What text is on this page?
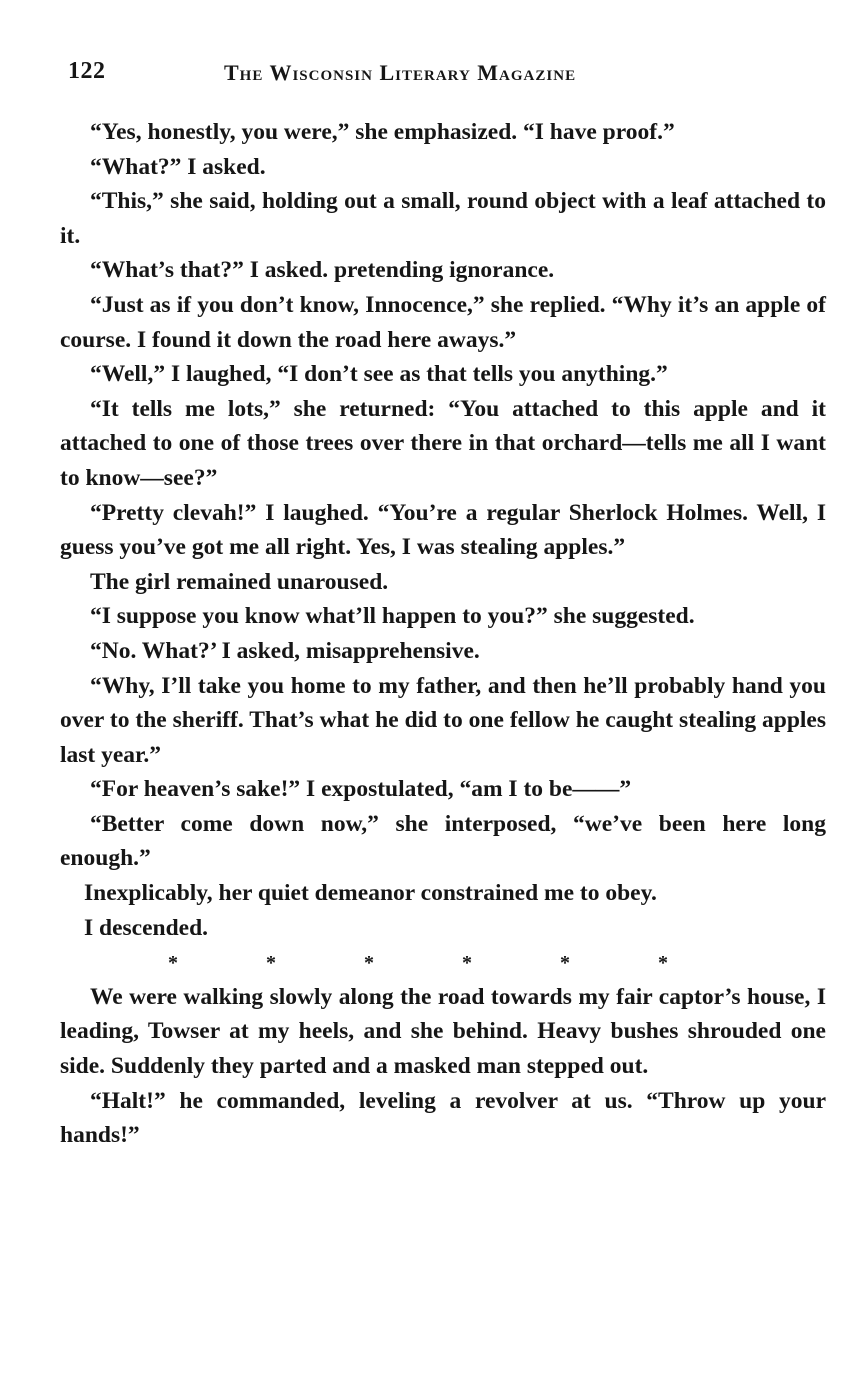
122	The Wisconsin Literary Magazine

“Yes, honestly, you were,” she emphasized. “I have proof.”

“What?” I asked.

“This,” she said, holding out a small, round object with a leaf attached to it.

“What’s that?” I asked. pretending ignorance.

“Just as if you don’t know, Innocence,” she replied. “Why it’s an apple of course. I found it down the road here aways.”

“Well,” I laughed, “I don’t see as that tells you anything.”

“It tells me lots,” she returned: “You attached to this apple and it attached to one of those trees over there in that orchard—tells me all I want to know—see?”

“Pretty clevah!” I laughed. “You’re a regular Sherlock Holmes. Well, I guess you’ve got me all right. Yes, I was stealing apples.”

The girl remained unaroused.

“I suppose you know what’ll happen to you?” she suggested.

“No. What?’ I asked, misapprehensive.

“Why, I’ll take you home to my father, and then he’ll probably hand you over to the sheriff. That’s what he did to one fellow he caught stealing apples last year.”

“For heaven’s sake!” I expostulated, “am I to be——”

“Better come down now,” she interposed, “we’ve been here long enough.”

Inexplicably, her quiet demeanor constrained me to obey.

I descended.

*	*	*	*	*	*

We were walking slowly along the road towards my fair captor’s house, I leading, Towser at my heels, and she behind. Heavy bushes shrouded one side. Suddenly they parted and a masked man stepped out.

“Halt!” he commanded, leveling a revolver at us. “Throw up your hands!”
